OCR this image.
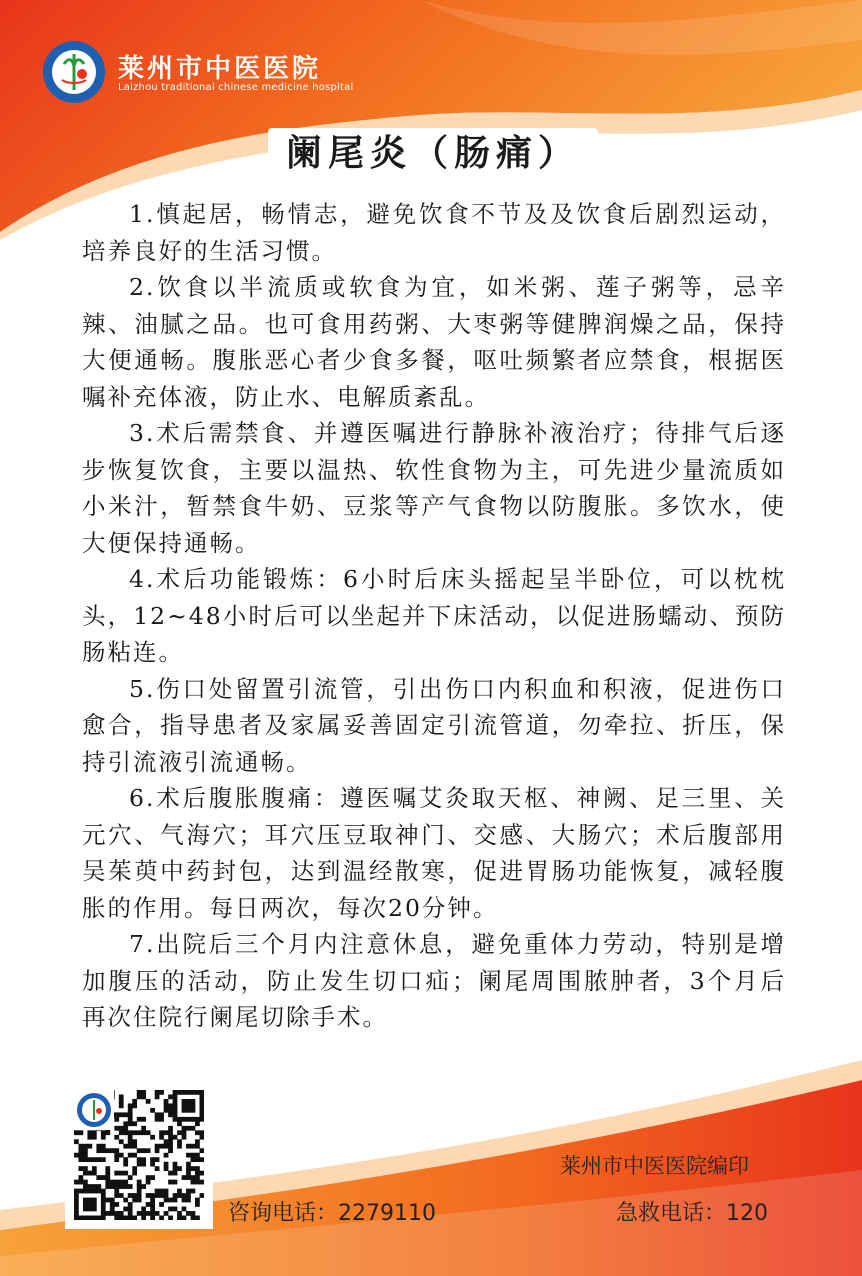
莱州市中医医院
Laizhou traditional chinese medicine hospital
阑尾炎（肠痛）

1.慎起居，畅情志，避免饮食不节及及饮食后剧烈运动，培养良好的生活习惯。

2.饮食以半流质或软食为宜，如米粥、莲子粥等，忌辛辣、油腻之品。也可食用药粥、大枣粥等健脾润燥之品，保持大便通畅。腹胀恶心者少食多餐，呕吐频繁者应禁食，根据医嘱补充体液，防止水、电解质紊乱。

3.术后需禁食、并遵医嘱进行静脉补液治疗；待排气后逐步恢复饮食，主要以温热、软性食物为主，可先进少量流质如小米汁，暂禁食牛奶、豆浆等产气食物以防腹胀。多饮水，使大便保持通畅。

4.术后功能锻炼：6小时后床头摇起呈半卧位，可以枕枕头，12~48小时后可以坐起并下床活动，以促进肠蠕动、预防肠粘连。

5.伤口处留置引流管，引出伤口内积血和积液，促进伤口愈合，指导患者及家属妥善固定引流管道，勿牵拉、折压，保持引流液引流通畅。

6.术后腹胀腹痛：遵医嘱艾灸取天枢、神阙、足三里、关元穴、气海穴；耳穴压豆取神门、交感、大肠穴；术后腹部用吴茱萸中药封包，达到温经散寒，促进胃肠功能恢复，减轻腹胀的作用。每日两次，每次20分钟。

7.出院后三个月内注意休息，避免重体力劳动，特别是增加腹压的活动，防止发生切口疝；阑尾周围脓肿者，3个月后再次住院行阑尾切除手术。

莱州市中医医院编印
咨询电话：2279110	急救电话：120
